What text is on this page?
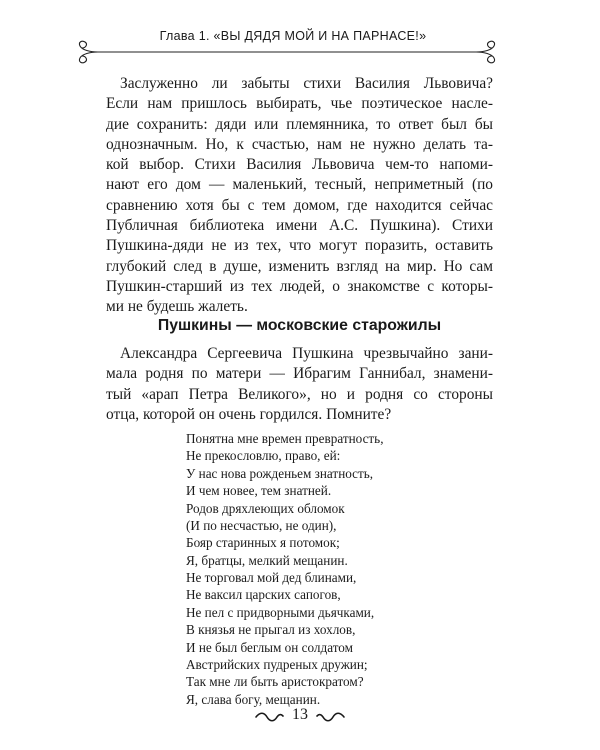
Глава 1. «ВЫ ДЯДЯ МОЙ И НА ПАРНАСЕ!»
Заслуженно ли забыты стихи Василия Львовича?
Если нам пришлось выбирать, чье поэтическое насле-
дие сохранить: дяди или племянника, то ответ был бы
однозначным. Но, к счастью, нам не нужно делать та-
кой выбор. Стихи Василия Львовича чем-то напоми-
нают его дом — маленький, тесный, неприметный (по
сравнению хотя бы с тем домом, где находится сейчас
Публичная библиотека имени А.С. Пушкина). Стихи
Пушкина-дяди не из тех, что могут поразить, оставить
глубокий след в душе, изменить взгляд на мир. Но сам
Пушкин-старший из тех людей, о знакомстве с которы-
ми не будешь жалеть.
Пушкины — московские старожилы
Александра Сергеевича Пушкина чрезвычайно зани-
мала родня по матери — Ибрагим Ганнибал, знамени-
тый «арап Петра Великого», но и родня со стороны
отца, которой он очень гордился. Помните?
Понятна мне времен превратность,
Не прекословлю, право, ей:
У нас нова рожденьем знатность,
И чем новее, тем знатней.
Родов дряхлеющих обломок
(И по несчастью, не один),
Бояр старинных я потомок;
Я, братцы, мелкий мещанин.
Не торговал мой дед блинами,
Не ваксил царских сапогов,
Не пел с придворными дьячками,
В князья не прыгал из хохлов,
И не был беглым он солдатом
Австрийских пудреных дружин;
Так мне ли быть аристократом?
Я, слава богу, мещанин.
13
